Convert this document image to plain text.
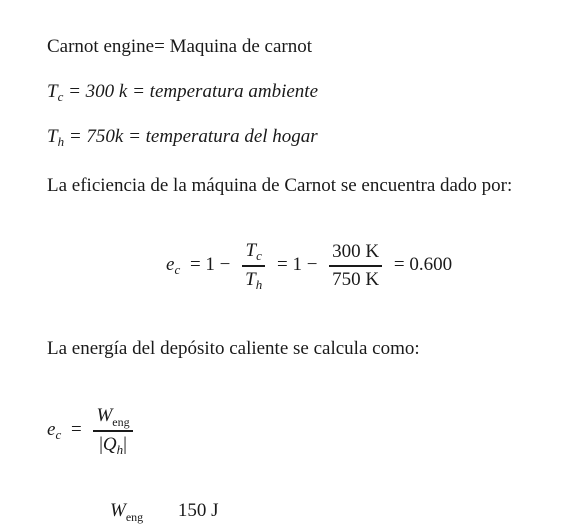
Carnot engine= Maquina de carnot
$T_c = 300$ k = temperatura ambiente
$T_h = 750k$ = temperatura del hogar
La eficiencia de la máquina de Carnot se encuentra dado por:
$e_c = 1 - \frac{T_c}{T_h} = 1 - \frac{300 K}{750 K} = 0.600$
La energía del depósito caliente se calcula como:
$e_c = \frac{W_{eng}}{|Q_h|}$
$W_{eng}$ 150 J
